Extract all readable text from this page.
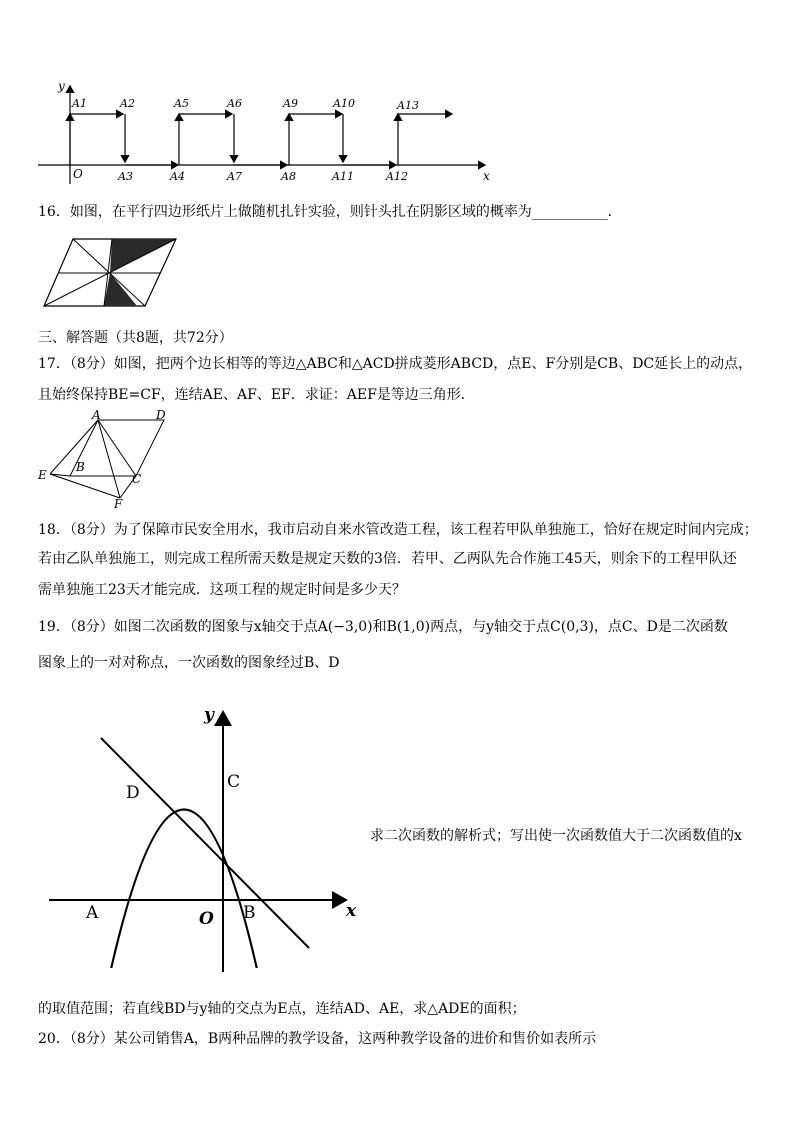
y
x
O
A1	A2	A5	A6	A9	A10	A13
A3	A4	A7	A8	A11	A12
16．如图，在平行四边形纸片上做随机扎针实验，则针头扎在阴影区域的概率为_________．
三、解答题（共8题，共72分）
17．（8分）如图，把两个边长相等的等边△ABC和△ACD拼成菱形ABCD，点E、F分别是CB、DC延长上的动点，
且始终保持BE=CF，连结AE、AF、EF．求证：AEF是等边三角形．
A	D
B
C
E
F
18．（8分）为了保障市民安全用水，我市启动自来水管改造工程，该工程若甲队单独施工，恰好在规定时间内完成；
若由乙队单独施工，则完成工程所需天数是规定天数的3倍．若甲、乙两队先合作施工45天，则余下的工程甲队还
需单独施工23天才能完成．这项工程的规定时间是多少天？
19．（8分）如图二次函数的图象与x轴交于点A(−3,0)和B(1,0)两点，与y轴交于点C(0,3)，点C、D是二次函数
图象上的一对对称点，一次函数的图象经过B、D
y
x
O
A	B
C
D
求二次函数的解析式；写出使一次函数值大于二次函数值的x
的取值范围；若直线BD与y轴的交点为E点，连结AD、AE，求△ADE的面积；
20．（8分）某公司销售A，B两种品牌的教学设备，这两种教学设备的进价和售价如表所示
